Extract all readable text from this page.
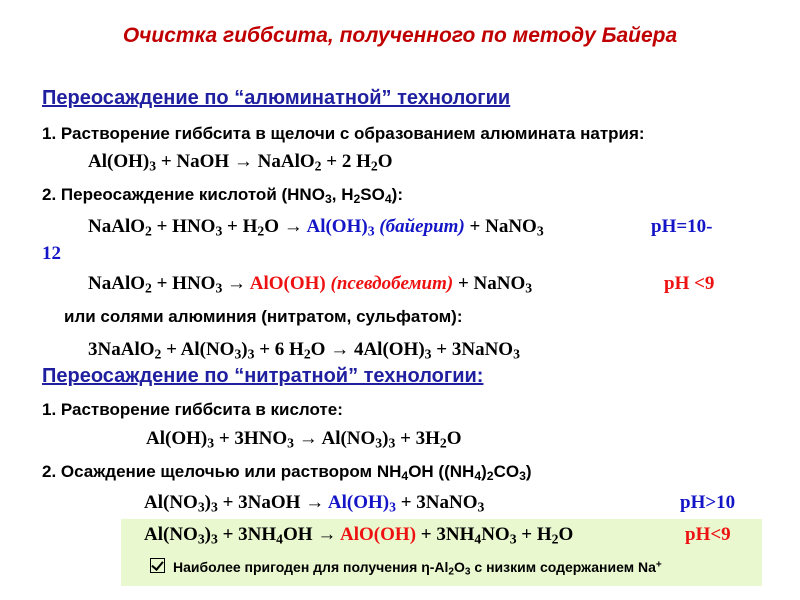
Очистка гиббсита, полученного по методу Байера
Переосаждение по “алюминатной” технологии
1. Растворение гиббсита в щелочи с образованием алюмината натрия:
$Al(OH)_3$ + NaOH → NaAlO$_2$ + 2 $H_2O$
2. Переосаждение кислотой ($HNO_3$, $H_2SO_4$):
NaAlO$_2$ + $HNO_3 + H_2O \to Al(OH)_3$ (байерит) + NaNO$_3$	pH=10-
12
NaAlO$_2$ + $HNO_3 \to AlO(OH)$ (псевдобемит) + NaNO$_3$	pH <9
или солями алюминия (нитратом, сульфатом):
3NaAlO$_2$ + $Al(NO_3)_3 + 6$ $H_2O \to 4Al(OH)_3$ + 3NaNO$_3$
Переосаждение по “нитратной” технологии:
1. Растворение гиббсита в кислоте:
$Al(OH)_3 + 3HNO_3 \to Al(NO_3)_3 + 3H_2O$
2. Осаждение щелочью или раствором $NH_4OH$ $((NH_4)_2CO_3)$
$Al(NO_3)_3$ + 3NaOH → $Al(OH)_3$ + 3NaNO$_3$	pH>10
$Al(NO_3)_3 + 3NH_4OH \to AlO(OH) + 3NH_4NO_3 + H_2O$	pH<9
Наиболее пригоден для получения $\eta-Al_2O_3$ с низким содержанием Na+
